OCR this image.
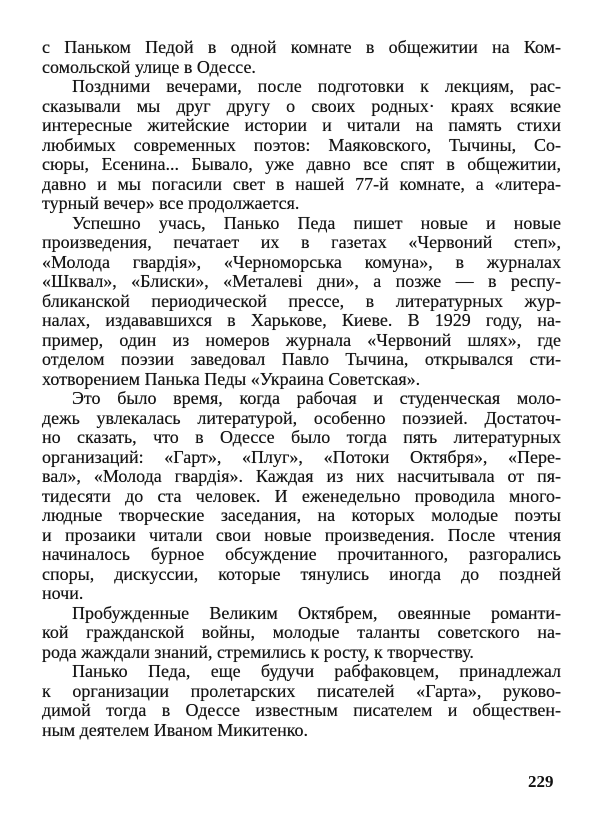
с Паньком Педой в одной комнате в общежитии на Ком-
сомольской улице в Одессе.
Поздними вечерами, после подготовки к лекциям, рас-
сказывали мы друг другу о своих родных· краях всякие
интересные житейские истории и читали на память стихи
любимых современных поэтов: Маяковского, Тычины, Со-
сюры, Есенина... Бывало, уже давно все спят в общежитии,
давно и мы погасили свет в нашей 77-й комнате, а «литера-
турный вечер» все продолжается.
Успешно учась, Панько Педа пишет новые и новые
произведения, печатает их в газетах «Червоний степ»,
«Молода гвардія», «Черноморська комуна», в журналах
«Шквал», «Блиски», «Металеві дни», а позже — в респу-
бликанской периодической прессе, в литературных жур-
налах, издававшихся в Харькове, Киеве. В 1929 году, на-
пример, один из номеров журнала «Червоний шлях», где
отделом поэзии заведовал Павло Тычина, открывался сти-
хотворением Панька Педы «Украина Советская».
Это было время, когда рабочая и студенческая моло-
дежь увлекалась литературой, особенно поэзией. Достаточ-
но сказать, что в Одессе было тогда пять литературных
организаций: «Гарт», «Плуг», «Потоки Октября», «Пере-
вал», «Молода гвардія». Каждая из них насчитывала от пя-
тидесяти до ста человек. И еженедельно проводила много-
людные творческие заседания, на которых молодые поэты
и прозаики читали свои новые произведения. После чтения
начиналось бурное обсуждение прочитанного, разгорались
споры, дискуссии, которые тянулись иногда до поздней
ночи.
Пробужденные Великим Октябрем, овеянные романти-
кой гражданской войны, молодые таланты советского на-
рода жаждали знаний, стремились к росту, к творчеству.
Панько Педа, еще будучи рабфаковцем, принадлежал
к организации пролетарских писателей «Гарта», руково-
димой тогда в Одессе известным писателем и обществен-
ным деятелем Иваном Микитенко.
229
